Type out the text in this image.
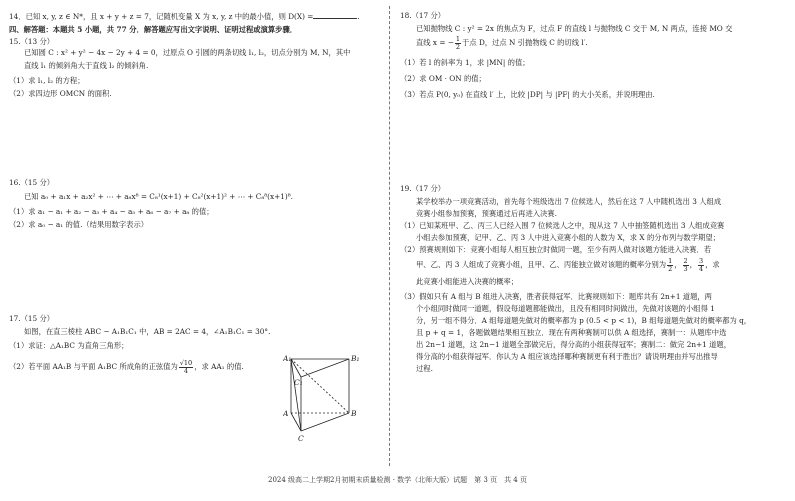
14．已知 x, y, z ∈ N*，且 x + y + z = 7，记随机变量 X 为 x, y, z 中的最小值，则 D(X) =	.
四、解答题：本题共 5 小题，共 77 分．解答题应写出文字说明、证明过程或演算步骤．
15.（13 分）
已知圆 C : x² + y² − 4x − 2y + 4 = 0，过原点 O 引圆的两条切线 l₁, l₂，切点分别为 M, N，其中
直线 l₁ 的倾斜角大于直线 l₂ 的倾斜角.
（1）求 l₁, l₂ 的方程；
（2）求四边形 OMCN 的面积.
16.（15 分）
已知 a₀ + a₁x + a₂x² + ⋯ + a₈x⁸ = C₈¹(x+1) + C₈²(x+1)² + ⋯ + C₈⁸(x+1)⁸.
（1）求 a₁ − a₁ + a₂ − a₃ + a₄ − a₅ + a₆ − a₇ + a₈ 的值；
（2）求 a₀ − a₁ 的值.（结果用数字表示）
17.（15 分）
如图，在直三棱柱 ABC − A₁B₁C₁ 中，AB = 2AC = 4，∠A₁B₁C₁ = 30°.
（1）求证：△A₁BC 为直角三角形；
（2）若平面 AA₁B 与平面 A₁BC 所成角的正弦值为 $\frac{√10}{4}$ ，求 AA₁ 的值.
A₁	B₁
C₁
A	B
C
18.（17 分）
已知抛物线 C : y² = 2x 的焦点为 F，过点 F 的直线 l 与抛物线 C 交于 M, N 两点，连接 MO 交
直线 x = − $\frac{1}{2}$ 于点 D，过点 N 引抛物线 C 的切线 l′.
（1）若 l 的斜率为 1，求 |MN| 的值；
（2）求 OM · ON 的值；
（3）若点 P(0, y₀) 在直线 l′ 上，比较 |DP| 与 |PF| 的大小关系，并说明理由.
19.（17 分）
某学校举办一项竞赛活动，首先每个班级选出 7 位候选人，然后在这 7 人中随机选出 3 人组成
竞赛小组参加预赛，预赛通过后再进入决赛.
（1）已知某班甲、乙、丙三人已经入围 7 位候选人之中，现从这 7 人中抽签随机选出 3 人组成竞赛
小组去参加预赛，记甲、乙、丙 3 人中进入竞赛小组的人数为 X，求 X 的分布列与数学期望；
（2）预赛规则如下：竞赛小组每人相互独立时做同一题，至少有两人做对该题方能进入决赛．若
甲、乙、丙 3 人组成了竞赛小组，且甲、乙、丙能独立做对该题的概率分别为 $\frac{1}{2}$ ， $\frac{2}{3}$ ， $\frac{3}{4}$ ，求
此竞赛小组能进入决赛的概率；
（3）假如只有 A 组与 B 组进入决赛，胜者获得冠军．比赛规则如下：题库共有 2n+1 道题，两
个小组同时做同一道题，假设每道题都能做出，且没有相同时间做出，先做对该题的小组得 1
分，另一组不得分．A 组每道题先做对的概率都为 p (0.5 < p < 1)，B 组每道题先做对的概率都为 q，
且 p + q = 1，各题做题结果相互独立．现在有两种赛制可以供 A 组选择，赛制一：从题库中选
出 2n−1 道题，这 2n−1 道题全部做完后，得分高的小组获得冠军；赛制二：做完 2n+1 道题，
得分高的小组获得冠军．你认为 A 组应该选择哪种赛制更有利于胜出？请说明理由并写出推导
过程.
2024 级高二上学期2月初期末质量检测 · 数学（北师大版）试题　第 3 页　共 4 页
